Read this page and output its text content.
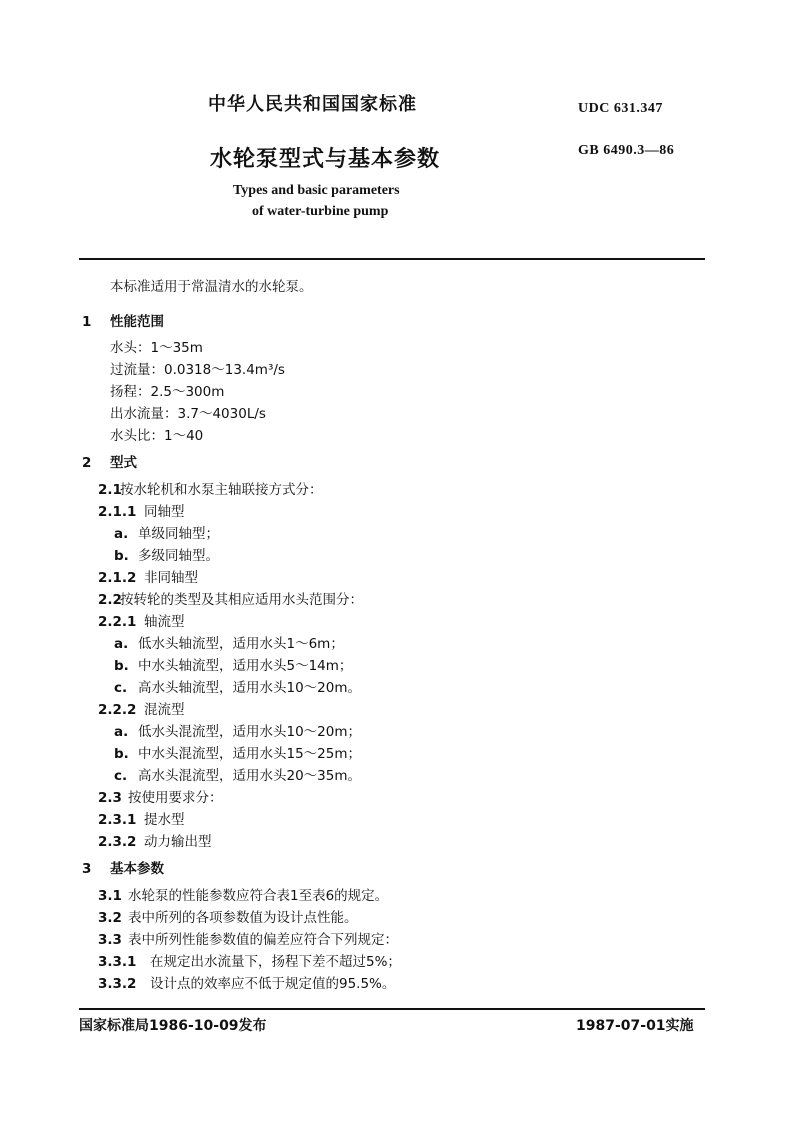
中华人民共和国国家标准	UDC 631.347
水轮泵型式与基本参数	GB 6490.3—86
Types and basic parameters
of water-turbine pump
本标准适用于常温清水的水轮泵。
1 性能范围
水头：1～35m
过流量：0.0318～13.4m³/s
扬程：2.5～300m
出水流量：3.7～4030L/s
水头比：1～40
2 型式
2.1按水轮机和水泵主轴联接方式分：
2.1.1 同轴型
a. 单级同轴型；
b. 多级同轴型。
2.1.2 非同轴型
2.2按转轮的类型及其相应适用水头范围分：
2.2.1 轴流型
a. 低水头轴流型，适用水头1～6m；
b. 中水头轴流型，适用水头5～14m；
c. 高水头轴流型，适用水头10～20m。
2.2.2 混流型
a. 低水头混流型，适用水头10～20m；
b. 中水头混流型，适用水头15～25m；
c. 高水头混流型，适用水头20～35m。
2.3 按使用要求分：
2.3.1 提水型
2.3.2 动力输出型
3 基本参数
3.1 水轮泵的性能参数应符合表1至表6的规定。
3.2 表中所列的各项参数值为设计点性能。
3.3 表中所列性能参数值的偏差应符合下列规定：
3.3.1 在规定出水流量下，扬程下差不超过5%；
3.3.2 设计点的效率应不低于规定值的95.5%。
国家标准局1986-10-09发布	1987-07-01实施
